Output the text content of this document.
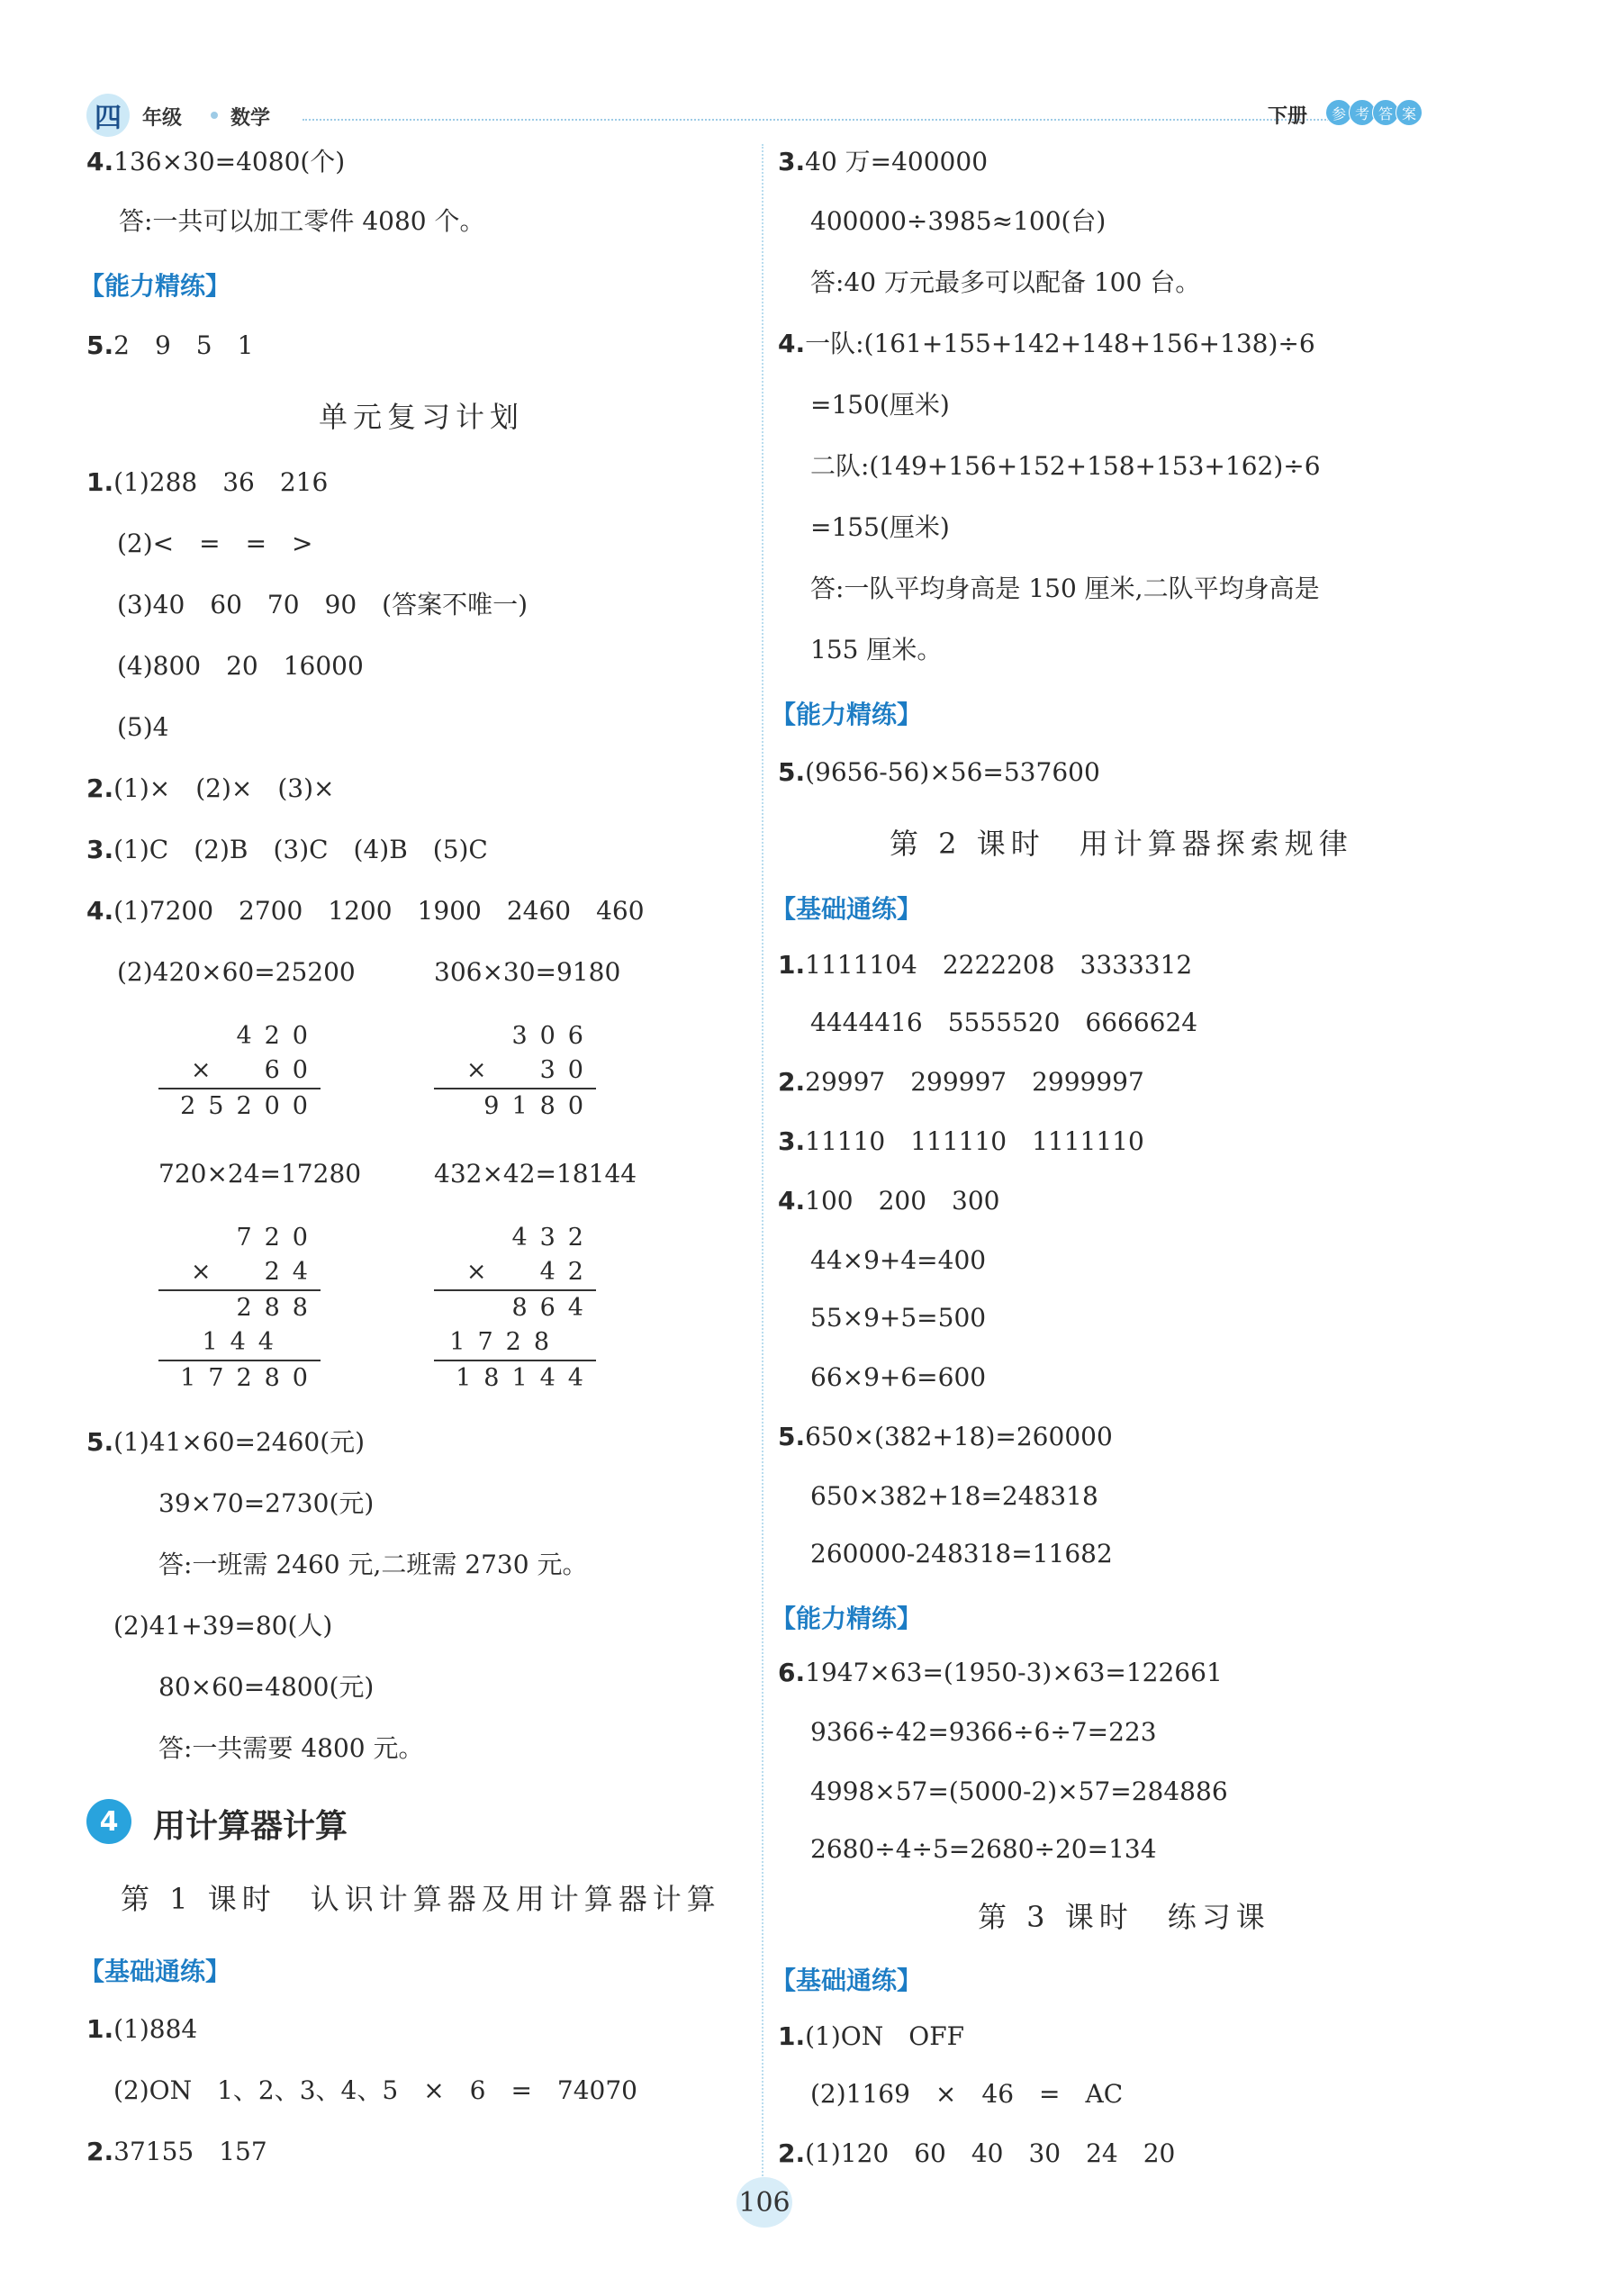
四	年级 数学	下册	参 考 答 案
4.136×30=4080(个)
答:一共可以加工零件 4080 个。
【能力精练】
5.2　9　5　1
单元复习计划
1.(1)288　36　216
(2)<　=　=　>
(3)40　60　70　90　(答案不唯一)
(4)800　20　16000
(5)4
2.(1)×　(2)×　(3)×
3.(1)C　(2)B　(3)C　(4)B　(5)C
4.(1)7200　2700　1200　1900　2460　460
(2)420×60=25200	306×30=9180
420
×  60
25200
306
×  30
9180
720×24=17280	432×42=18144
720
×  24
288
144
17280
432
×  42
864
1728
18144
5.(1)41×60=2460(元)
39×70=2730(元)
答:一班需 2460 元,二班需 2730 元。
(2)41+39=80(人)
80×60=4800(元)
答:一共需要 4800 元。
4	用计算器计算
第 1 课时　认识计算器及用计算器计算
【基础通练】
1.(1)884
(2)ON　1、2、3、4、5　×　6　=　74070
2.37155　157
3.40 万=400000
400000÷3985≈100(台)
答:40 万元最多可以配备 100 台。
4.一队:(161+155+142+148+156+138)÷6
=150(厘米)
二队:(149+156+152+158+153+162)÷6
=155(厘米)
答:一队平均身高是 150 厘米,二队平均身高是
155 厘米。
【能力精练】
5.(9656-56)×56=537600
第 2 课时　用计算器探索规律
【基础通练】
1.1111104　2222208　3333312
4444416　5555520　6666624
2.29997　299997　2999997
3.11110　111110　1111110
4.100　200　300
44×9+4=400
55×9+5=500
66×9+6=600
5.650×(382+18)=260000
650×382+18=248318
260000-248318=11682
【能力精练】
6.1947×63=(1950-3)×63=122661
9366÷42=9366÷6÷7=223
4998×57=(5000-2)×57=284886
2680÷4÷5=2680÷20=134
第 3 课时　练习课
【基础通练】
1.(1)ON　OFF
(2)1169　×　46　=　AC
2.(1)120　60　40　30　24　20
106
